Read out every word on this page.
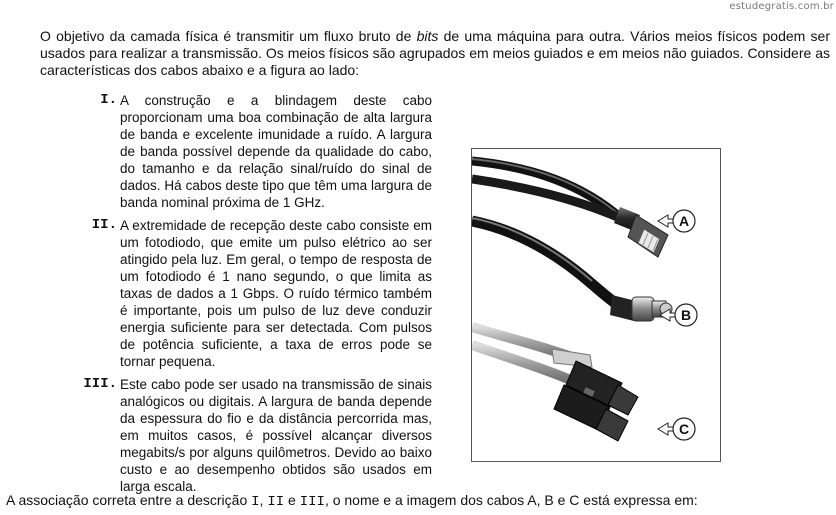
estudegratis.com.br

O objetivo da camada física é transmitir um fluxo bruto de bits de uma máquina para outra. Vários meios físicos podem ser usados para realizar a transmissão. Os meios físicos são agrupados em meios guiados e em meios não guiados. Considere as características dos cabos abaixo e a figura ao lado:

I. A construção e a blindagem deste cabo proporcionam uma boa combinação de alta largura de banda e excelente imunidade a ruído. A largura de banda possível depende da qualidade do cabo, do tamanho e da relação sinal/ruído do sinal de dados. Há cabos deste tipo que têm uma largura de banda nominal próxima de 1 GHz.

II. A extremidade de recepção deste cabo consiste em um fotodiodo, que emite um pulso elétrico ao ser atingido pela luz. Em geral, o tempo de resposta de um fotodiodo é 1 nano segundo, o que limita as taxas de dados a 1 Gbps. O ruído térmico também é importante, pois um pulso de luz deve conduzir energia suficiente para ser detectada. Com pulsos de potência suficiente, a taxa de erros pode se tornar pequena.

III. Este cabo pode ser usado na transmissão de sinais analógicos ou digitais. A largura de banda depende da espessura do fio e da distância percorrida mas, em muitos casos, é possível alcançar diversos megabits/s por alguns quilômetros. Devido ao baixo custo e ao desempenho obtidos são usados em larga escala.

A
B
C

A associação correta entre a descrição I, II e III, o nome e a imagem dos cabos A, B e C está expressa em:
